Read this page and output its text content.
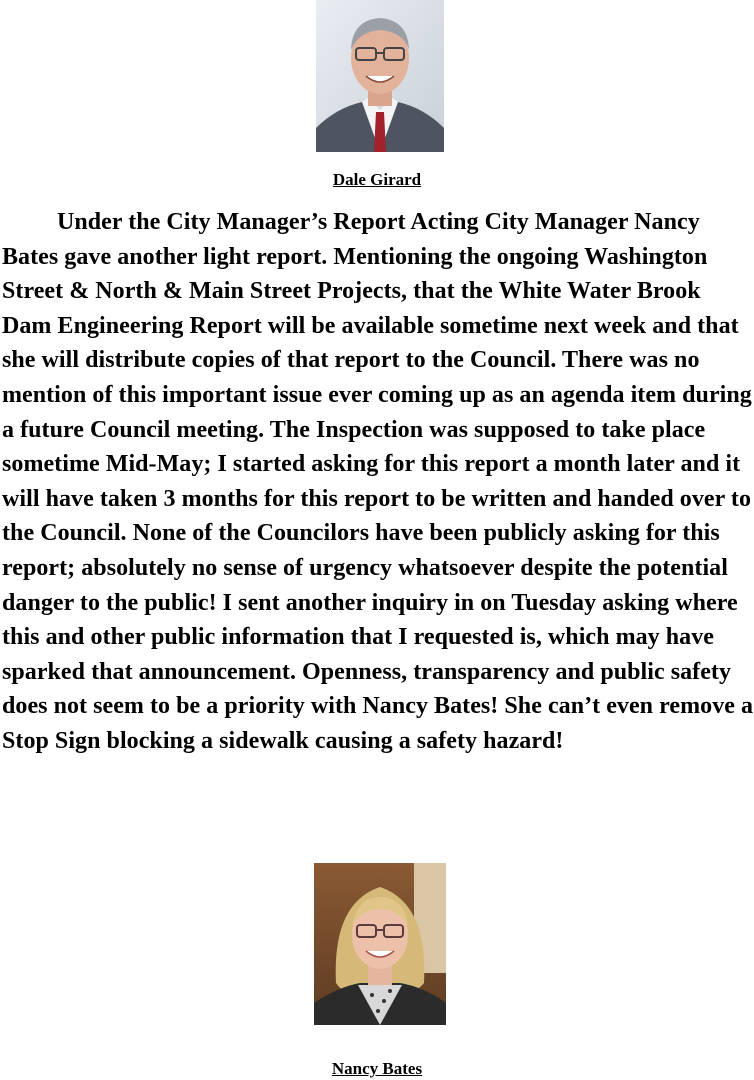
Dale Girard

Under the City Manager’s Report Acting City Manager Nancy Bates gave another light report. Mentioning the ongoing Washington Street & North & Main Street Projects, that the White Water Brook Dam Engineering Report will be available sometime next week and that she will distribute copies of that report to the Council. There was no mention of this important issue ever coming up as an agenda item during a future Council meeting. The Inspection was supposed to take place sometime Mid-May; I started asking for this report a month later and it will have taken 3 months for this report to be written and handed over to the Council. None of the Councilors have been publicly asking for this report; absolutely no sense of urgency whatsoever despite the potential danger to the public! I sent another inquiry in on Tuesday asking where this and other public information that I requested is, which may have sparked that announcement. Openness, transparency and public safety does not seem to be a priority with Nancy Bates! She can’t even remove a Stop Sign blocking a sidewalk causing a safety hazard!

Nancy Bates
